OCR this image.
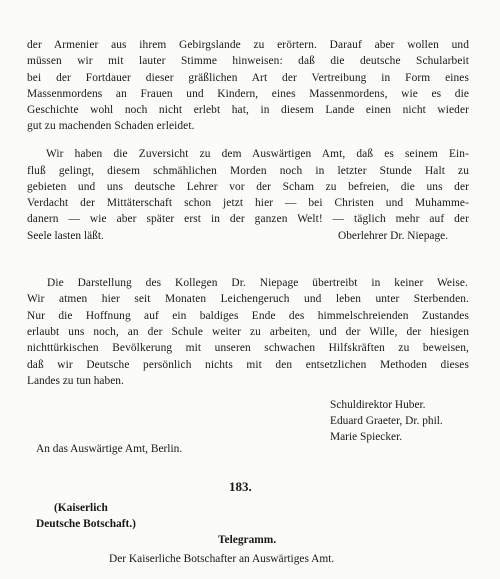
der Armenier aus ihrem Gebirgslande zu erörtern. Darauf aber wollen und
müssen wir mit lauter Stimme hinweisen: daß die deutsche Schularbeit
bei der Fortdauer dieser gräßlichen Art der Vertreibung in Form eines
Massenmordens an Frauen und Kindern, eines Massenmordens, wie es die
Geschichte wohl noch nicht erlebt hat, in diesem Lande einen nicht wieder
gut zu machenden Schaden erleidet.
Wir haben die Zuversicht zu dem Auswärtigen Amt, daß es seinem Ein-
fluß gelingt, diesem schmählichen Morden noch in letzter Stunde Halt zu
gebieten und uns deutsche Lehrer vor der Scham zu befreien, die uns der
Verdacht der Mittäterschaft schon jetzt hier — bei Christen und Muhamme-
danern — wie aber später erst in der ganzen Welt! — täglich mehr auf der
Seele lasten läßt.	Oberlehrer Dr. Niepage.
Die Darstellung des Kollegen Dr. Niepage übertreibt in keiner Weise.
Wir atmen hier seit Monaten Leichengeruch und leben unter Sterbenden.
Nur die Hoffnung auf ein baldiges Ende des himmelschreienden Zustandes
erlaubt uns noch, an der Schule weiter zu arbeiten, und der Wille, der hiesigen
nichttürkischen Bevölkerung mit unseren schwachen Hilfskräften zu beweisen,
daß wir Deutsche persönlich nichts mit den entsetzlichen Methoden dieses
Landes zu tun haben.
Schuldirektor Huber.
Eduard Graeter, Dr. phil.
Marie Spiecker.
An das Auswärtige Amt, Berlin.
183.
(Kaiserlich
Deutsche Botschaft.)
Telegramm.
Der Kaiserliche Botschafter an Auswärtiges Amt.
